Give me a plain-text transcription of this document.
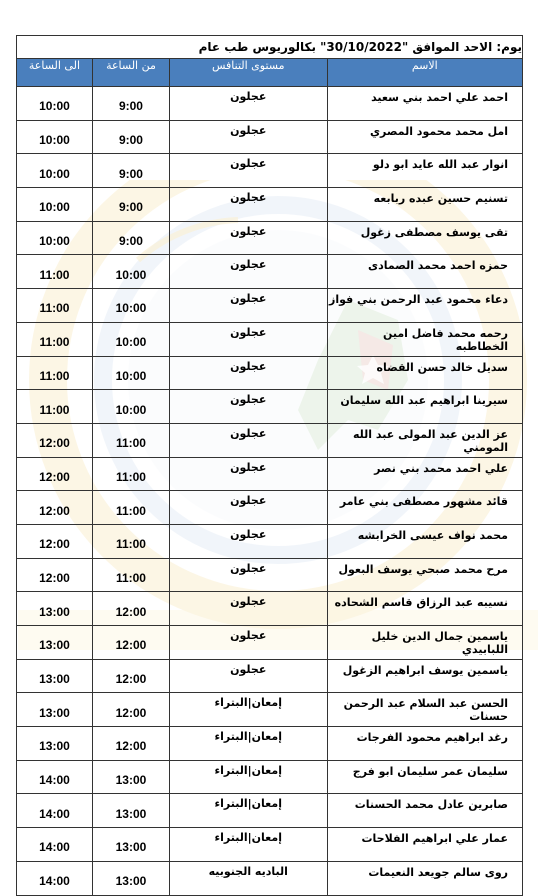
يوم: الاحد الموافق "30/10/2022" بكالوريوس طب عام			
الاسم	مستوى التنافس	من الساعة	الى الساعة
احمد علي احمد بني سعيد	عجلون	9:00	10:00
امل محمد محمود المصري	عجلون	9:00	10:00
انوار عبد الله عايد ابو دلو	عجلون	9:00	10:00
تسنيم حسين عبده ربابعه	عجلون	9:00	10:00
تقى يوسف مصطفى زغول	عجلون	9:00	10:00
حمزه احمد محمد الصمادى	عجلون	10:00	11:00
دعاء محمود عبد الرحمن بني فواز	عجلون	10:00	11:00
رحمه محمد فاضل امين الخطاطبه	عجلون	10:00	11:00
سديل خالد حسن القضاه	عجلون	10:00	11:00
سيرينا ابراهيم عبد الله سليمان	عجلون	10:00	11:00
عز الدين عبد المولى عبد الله المومني	عجلون	11:00	12:00
علي احمد محمد بني نصر	عجلون	11:00	12:00
قائد مشهور مصطفى بني عامر	عجلون	11:00	12:00
محمد نواف عيسى الخرابشه	عجلون	11:00	12:00
مرح محمد صبحي يوسف البعول	عجلون	11:00	12:00
نسيبه عبد الرزاق قاسم الشحاده	عجلون	12:00	13:00
ياسمين جمال الدين خليل اللبابيدي	عجلون	12:00	13:00
ياسمين يوسف ابراهيم الزغول	عجلون	12:00	13:00
الحسن عبد السلام عبد الرحمن حسنات	إمعان|البتراء	12:00	13:00
رغد ابراهيم محمود الفرجات	إمعان|البتراء	12:00	13:00
سليمان عمر سليمان ابو فرج	إمعان|البتراء	13:00	14:00
صابرين عادل محمد الحسنات	إمعان|البتراء	13:00	14:00
عمار علي ابراهيم الفلاحات	إمعان|البتراء	13:00	14:00
روى سالم جويعد النعيمات	الباديه الجنوبيه	13:00	14:00
